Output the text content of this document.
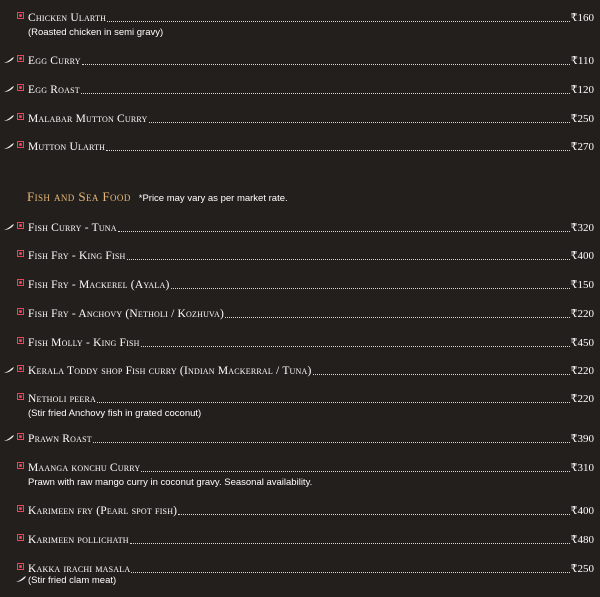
Chicken Ularth	₹160
(Roasted chicken in semi gravy)
Egg Curry	₹110
Egg Roast	₹120
Malabar Mutton Curry	₹250
Mutton Ularth	₹270
Fish and Sea Food *Price may vary as per market rate.
Fish Curry - Tuna	₹320
Fish Fry - King Fish	₹400
Fish Fry - Mackerel (Ayala)	₹150
Fish Fry - Anchovy (Netholi / Kozhuva)	₹220
Fish Molly - King Fish	₹450
Kerala Toddy shop Fish curry (Indian Mackerral / Tuna)	₹220
Netholi peera	₹220
(Stir fried Anchovy fish in grated coconut)
Prawn Roast	₹390
Maanga konchu Curry	₹310
Prawn with raw mango curry in coconut gravy. Seasonal availability.
Karimeen fry (Pearl spot fish)	₹400
Karimeen pollichath	₹480
Kakka irachi masala	₹250
(Stir fried clam meat)
